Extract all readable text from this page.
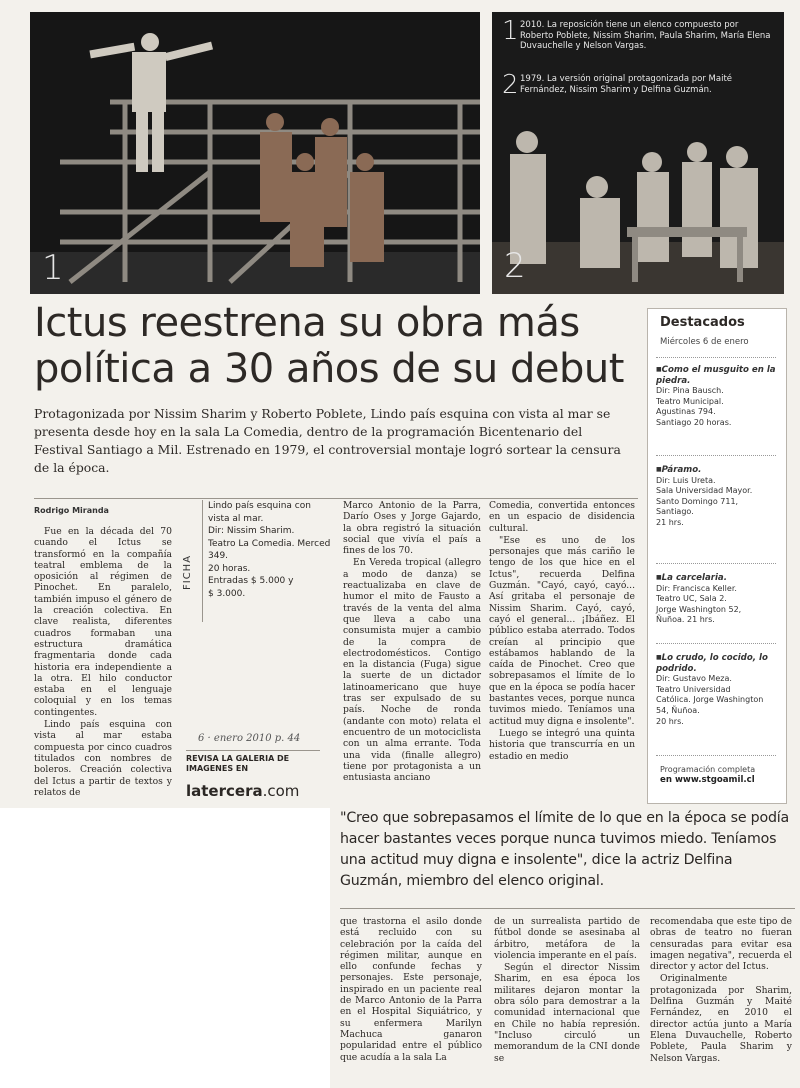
1
1 2010. La reposición tiene un elenco compuesto por Roberto Poblete, Nissim Sharim, Paula Sharim, María Elena Duvauchelle y Nelson Vargas.
2 1979. La versión original protagonizada por Maité Fernández, Nissim Sharim y Delfina Guzmán.
2
Ictus reestrena su obra más
política a 30 años de su debut
Protagonizada por Nissim Sharim y Roberto Poblete, Lindo país esquina con vista al mar se presenta desde hoy en la sala La Comedia, dentro de la programación Bicentenario del Festival Santiago a Mil. Estrenado en 1979, el controversial montaje logró sortear la censura de la época.
Rodrigo Miranda

Fue en la década del 70 cuando el Ictus se transformó en la compañía teatral emblema de la oposición al régimen de Pinochet. En paralelo, también impuso el género de la creación colectiva. En clave realista, diferentes cuadros formaban una estructura dramática fragmentaria donde cada historia era independiente a la otra. El hilo conductor estaba en el lenguaje coloquial y en los temas contingentes.

Lindo país esquina con vista al mar estaba compuesta por cinco cuadros titulados con nombres de boleros. Creación colectiva del Ictus a partir de textos y relatos de

FICHA
Lindo país esquina con
vista al mar.
Dir: Nissim Sharim.
Teatro La Comedia. Merced
349.
20 horas.
Entradas $ 5.000 y
$ 3.000.
6 · enero 2010 p. 44
REVISA LA GALERIA DE
IMAGENES EN
latercera.com

Marco Antonio de la Parra, Darío Oses y Jorge Gajardo, la obra registró la situación social que vivía el país a fines de los 70.

En Vereda tropical (allegro a modo de danza) se reactualizaba en clave de humor el mito de Fausto a través de la venta del alma que lleva a cabo una consumista mujer a cambio de la compra de electrodomésticos. Contigo en la distancia (Fuga) sigue la suerte de un dictador latinoamericano que huye tras ser expulsado de su país. Noche de ronda (andante con moto) relata el encuentro de un motociclista con un alma errante. Toda una vida (finalle allegro) tiene por protagonista a un entusiasta anciano

Comedia, convertida entonces en un espacio de disidencia cultural.

"Ese es uno de los personajes que más cariño le tengo de los que hice en el Ictus", recuerda Delfina Guzmán. "Cayó, cayó, cayó... Así gritaba el personaje de Nissim Sharim. Cayó, cayó, cayó el general... ¡Ibáñez. El público estaba aterrado. Todos creían al principio que estábamos hablando de la caída de Pinochet. Creo que sobrepasamos el límite de lo que en la época se podía hacer bastantes veces, porque nunca tuvimos miedo. Teníamos una actitud muy digna e insolente".

Luego se integró una quinta historia que transcurría en un estadio en medio

Destacados
Miércoles 6 de enero
■ Como el musguito en la piedra.
Dir: Pina Bausch.
Teatro Municipal.
Agustinas 794.
Santiago 20 horas.
■ Páramo.
Dir: Luis Ureta.
Sala Universidad Mayor.
Santo Domingo 711,
Santiago.
21 hrs.
■ La carcelaria.
Dir: Francisca Keller.
Teatro UC, Sala 2.
Jorge Washington 52,
Ñuñoa. 21 hrs.
■ Lo crudo, lo cocido, lo podrido.
Dir: Gustavo Meza.
Teatro Universidad
Católica. Jorge Washington
54, Ñuñoa.
20 hrs.
Programación completa
en www.stgoamil.cl
"Creo que sobrepasamos el límite de lo que en la época se podía hacer bastantes veces porque nunca tuvimos miedo. Teníamos una actitud muy digna e insolente", dice la actriz Delfina Guzmán, miembro del elenco original.

que trastorna el asilo donde está recluido con su celebración por la caída del régimen militar, aunque en ello confunde fechas y personajes. Este personaje, inspirado en un paciente real de Marco Antonio de la Parra en el Hospital Siquiátrico, y su enfermera Marilyn Machuca ganaron popularidad entre el público que acudía a la sala La

de un surrealista partido de fútbol donde se asesinaba al árbitro, metáfora de la violencia imperante en el país.

Según el director Nissim Sharim, en esa época los militares dejaron montar la obra sólo para demostrar a la comunidad internacional que en Chile no había represión. "Incluso circuló un memorandum de la CNI donde se

recomendaba que este tipo de obras de teatro no fueran censuradas para evitar esa imagen negativa", recuerda el director y actor del Ictus.

Originalmente protagonizada por Sharim, Delfina Guzmán y Maité Fernández, en 2010 el director actúa junto a María Elena Duvauchelle, Roberto Poblete, Paula Sharim y Nelson Vargas.
